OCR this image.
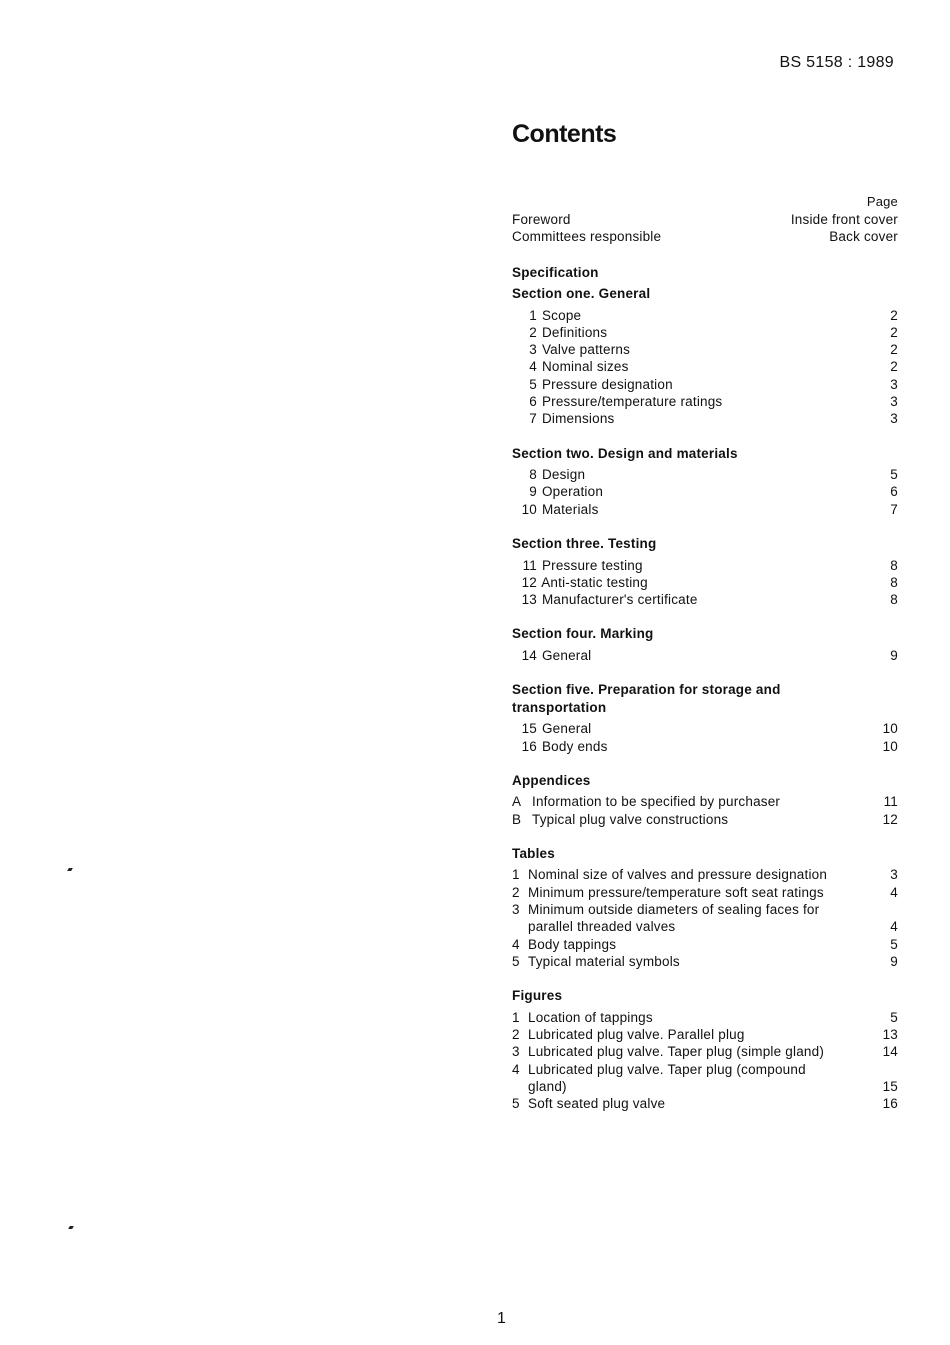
BS 5158 : 1989
Contents
Page
Foreword	Inside front cover
Committees responsible	Back cover
Specification
Section one. General
1 Scope	2
2 Definitions	2
3 Valve patterns	2
4 Nominal sizes	2
5 Pressure designation	3
6 Pressure/temperature ratings	3
7 Dimensions	3
Section two. Design and materials
8 Design	5
9 Operation	6
10 Materials	7
Section three. Testing
11 Pressure testing	8
12 Anti-static testing	8
13 Manufacturer's certificate	8
Section four. Marking
14 General	9
Section five. Preparation for storage and
transportation
15 General	10
16 Body ends	10
Appendices
A Information to be specified by purchaser	11
B Typical plug valve constructions	12
Tables
1 Nominal size of valves and pressure designation	3
2 Minimum pressure/temperature soft seat ratings	4
3 Minimum outside diameters of sealing faces for
parallel threaded valves	4
4 Body tappings	5
5 Typical material symbols	9
Figures
1 Location of tappings	5
2 Lubricated plug valve. Parallel plug	13
3 Lubricated plug valve. Taper plug (simple gland)	14
4 Lubricated plug valve. Taper plug (compound
gland)	15
5 Soft seated plug valve	16
1
